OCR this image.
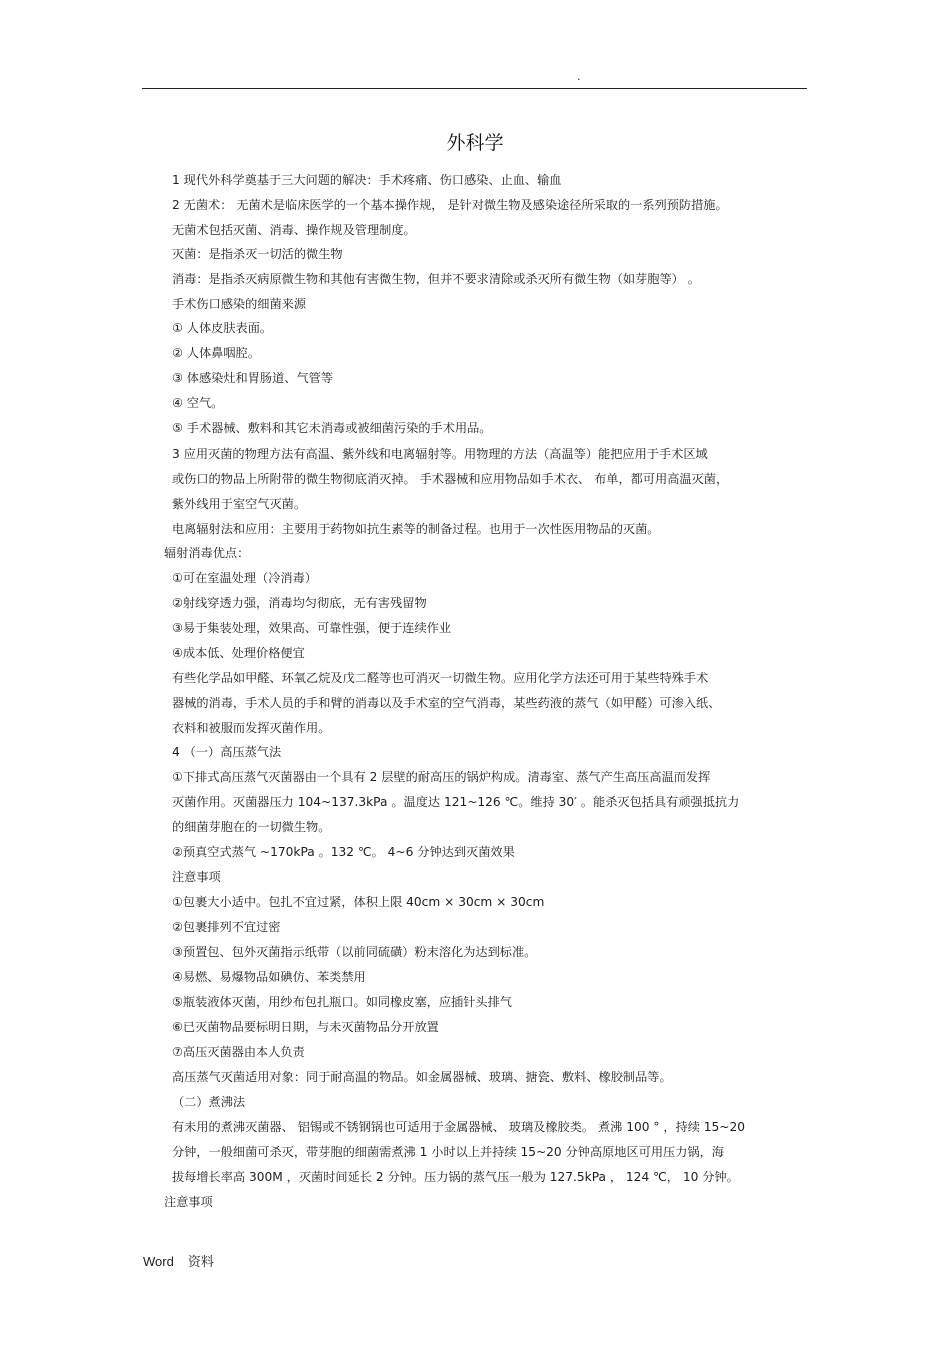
.
外科学
1 现代外科学奠基于三大问题的解决：手术疼痛、伤口感染、止血、输血
2 无菌术： 无菌术是临床医学的一个基本操作规， 是针对微生物及感染途径所采取的一系列预防措施。
无菌术包括灭菌、消毒、操作规及管理制度。
灭菌：是指杀灭一切活的微生物
消毒：是指杀灭病原微生物和其他有害微生物，但并不要求清除或杀灭所有微生物（如芽胞等） 。
手术伤口感染的细菌来源
① 人体皮肤表面。
② 人体鼻咽腔。
③ 体感染灶和胃肠道、气管等
④ 空气。
⑤ 手术器械、敷料和其它未消毒或被细菌污染的手术用品。
3 应用灭菌的物理方法有高温、紫外线和电离辐射等。用物理的方法（高温等）能把应用于手术区域
或伤口的物品上所附带的微生物彻底消灭掉。 手术器械和应用物品如手术衣、 布单，都可用高温灭菌，
紫外线用于室空气灭菌。
电离辐射法和应用：主要用于药物如抗生素等的制备过程。也用于一次性医用物品的灭菌。
辐射消毒优点：
①可在室温处理（冷消毒）
②射线穿透力强，消毒均匀彻底，无有害残留物
③易于集装处理，效果高、可靠性强，便于连续作业
④成本低、处理价格便宜
有些化学品如甲醛、环氧乙烷及戊二醛等也可消灭一切微生物。应用化学方法还可用于某些特殊手术
器械的消毒，手术人员的手和臂的消毒以及手术室的空气消毒，某些药液的蒸气（如甲醛）可渗入纸、
衣料和被服而发挥灭菌作用。
4 （一）高压蒸气法
①下排式高压蒸气灭菌器由一个具有 2 层壁的耐高压的锅炉构成。清毒室、蒸气产生高压高温而发挥
灭菌作用。灭菌器压力 104~137.3kPa 。温度达 121~126 ℃。维持 30′ 。能杀灭包括具有顽强抵抗力
的细菌芽胞在的一切微生物。
②预真空式蒸气 ~170kPa 。132 ℃。 4~6 分钟达到灭菌效果
注意事项
①包裹大小适中。包扎不宜过紧，体积上限 40cm × 30cm × 30cm
②包裹排列不宜过密
③预置包、包外灭菌指示纸带（以前同硫磺）粉末溶化为达到标准。
④易燃、易爆物品如碘仿、苯类禁用
⑤瓶装液体灭菌，用纱布包扎瓶口。如同橡皮塞，应插针头排气
⑥已灭菌物品要标明日期，与未灭菌物品分开放置
⑦高压灭菌器由本人负责
高压蒸气灭菌适用对象：同于耐高温的物品。如金属器械、玻璃、搪瓷、敷料、橡胶制品等。
（二）煮沸法
有未用的煮沸灭菌器、 铝锡或不锈钢锅也可适用于金属器械、 玻璃及橡胶类。 煮沸 100 ° ，持续 15~20
分钟，一般细菌可杀灭，带芽胞的细菌需煮沸 1 小时以上并持续 15~20 分钟高原地区可用压力锅，海
拔每增长率高 300M ，灭菌时间延长 2 分钟。压力锅的蒸气压一般为 127.5kPa ， 124 ℃， 10 分钟。
注意事项
Word 资料
